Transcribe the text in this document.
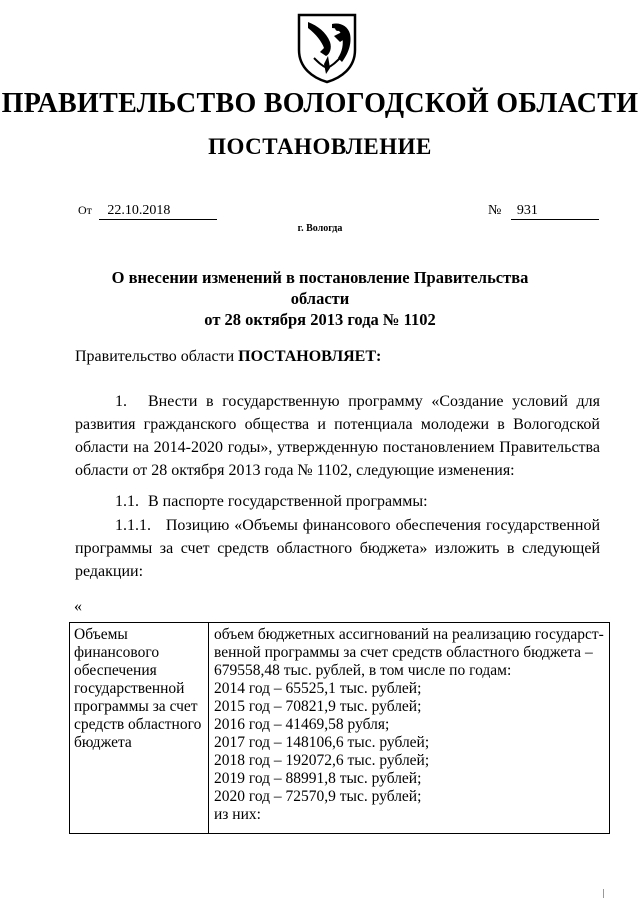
ПРАВИТЕЛЬСТВО ВОЛОГОДСКОЙ ОБЛАСТИ
ПОСТАНОВЛЕНИЕ
От 22.10.2018	№ 931
г. Вологда
О внесении изменений в постановление Правительства области
от 28 октября 2013 года № 1102
Правительство области ПОСТАНОВЛЯЕТ:
1. Внести в государственную программу «Создание условий для развития гражданского общества и потенциала молодежи в Вологодской области на 2014-2020 годы», утвержденную постановлением Правительства области от 28 октября 2013 года № 1102, следующие изменения:
1.1. В паспорте государственной программы:
1.1.1. Позицию «Объемы финансового обеспечения государственной программы за счет средств областного бюджета» изложить в следующей редакции:
«
Объемы финансового обеспечения государственной программы за счет средств областного бюджета
объем бюджетных ассигнований на реализацию государст-
венной программы за счет средств областного бюджета –
679558,48 тыс. рублей, в том числе по годам:
2014 год – 65525,1 тыс. рублей;
2015 год – 70821,9 тыс. рублей;
2016 год – 41469,58 рубля;
2017 год – 148106,6 тыс. рублей;
2018 год – 192072,6 тыс. рублей;
2019 год – 88991,8 тыс. рублей;
2020 год – 72570,9 тыс. рублей;
из них:
